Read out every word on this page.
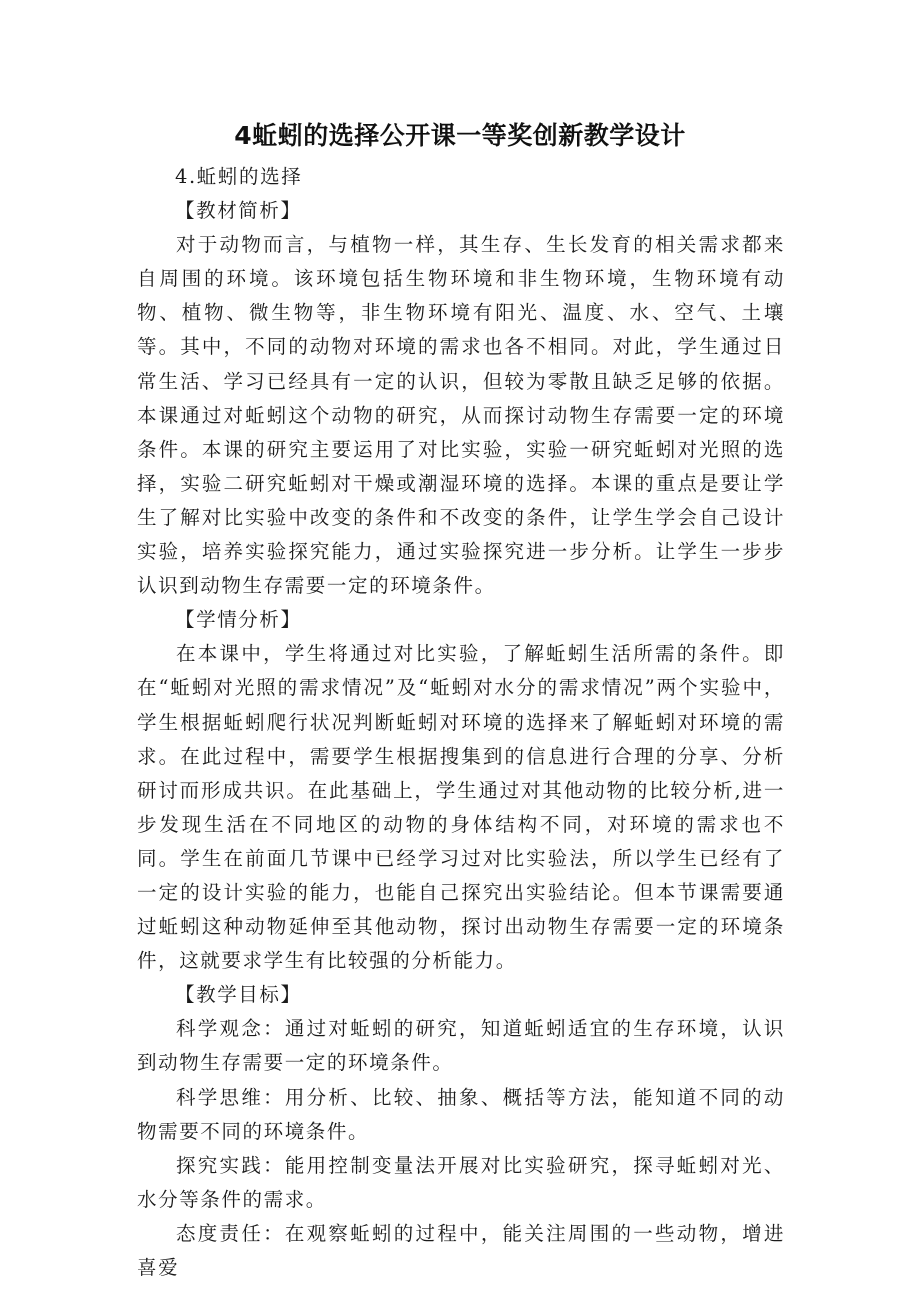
4蚯蚓的选择公开课一等奖创新教学设计

4.蚯蚓的选择

【教材简析】

对于动物而言，与植物一样，其生存、生长发育的相关需求都来自周围的环境。该环境包括生物环境和非生物环境，生物环境有动物、植物、微生物等，非生物环境有阳光、温度、水、空气、土壤等。其中，不同的动物对环境的需求也各不相同。对此，学生通过日常生活、学习已经具有一定的认识，但较为零散且缺乏足够的依据。本课通过对蚯蚓这个动物的研究，从而探讨动物生存需要一定的环境条件。本课的研究主要运用了对比实验，实验一研究蚯蚓对光照的选择，实验二研究蚯蚓对干燥或潮湿环境的选择。本课的重点是要让学生了解对比实验中改变的条件和不改变的条件，让学生学会自己设计实验，培养实验探究能力，通过实验探究进一步分析。让学生一步步认识到动物生存需要一定的环境条件。

【学情分析】

在本课中，学生将通过对比实验，了解蚯蚓生活所需的条件。即在“蚯蚓对光照的需求情况”及“蚯蚓对水分的需求情况”两个实验中，学生根据蚯蚓爬行状况判断蚯蚓对环境的选择来了解蚯蚓对环境的需求。在此过程中，需要学生根据搜集到的信息进行合理的分享、分析研讨而形成共识。在此基础上，学生通过对其他动物的比较分析,进一步发现生活在不同地区的动物的身体结构不同，对环境的需求也不同。学生在前面几节课中已经学习过对比实验法，所以学生已经有了一定的设计实验的能力，也能自己探究出实验结论。但本节课需要通过蚯蚓这种动物延伸至其他动物，探讨出动物生存需要一定的环境条件，这就要求学生有比较强的分析能力。

【教学目标】

科学观念：通过对蚯蚓的研究，知道蚯蚓适宜的生存环境，认识到动物生存需要一定的环境条件。

科学思维：用分析、比较、抽象、概括等方法，能知道不同的动物需要不同的环境条件。

探究实践：能用控制变量法开展对比实验研究，探寻蚯蚓对光、水分等条件的需求。

态度责任：在观察蚯蚓的过程中，能关注周围的一些动物，增进喜爱
